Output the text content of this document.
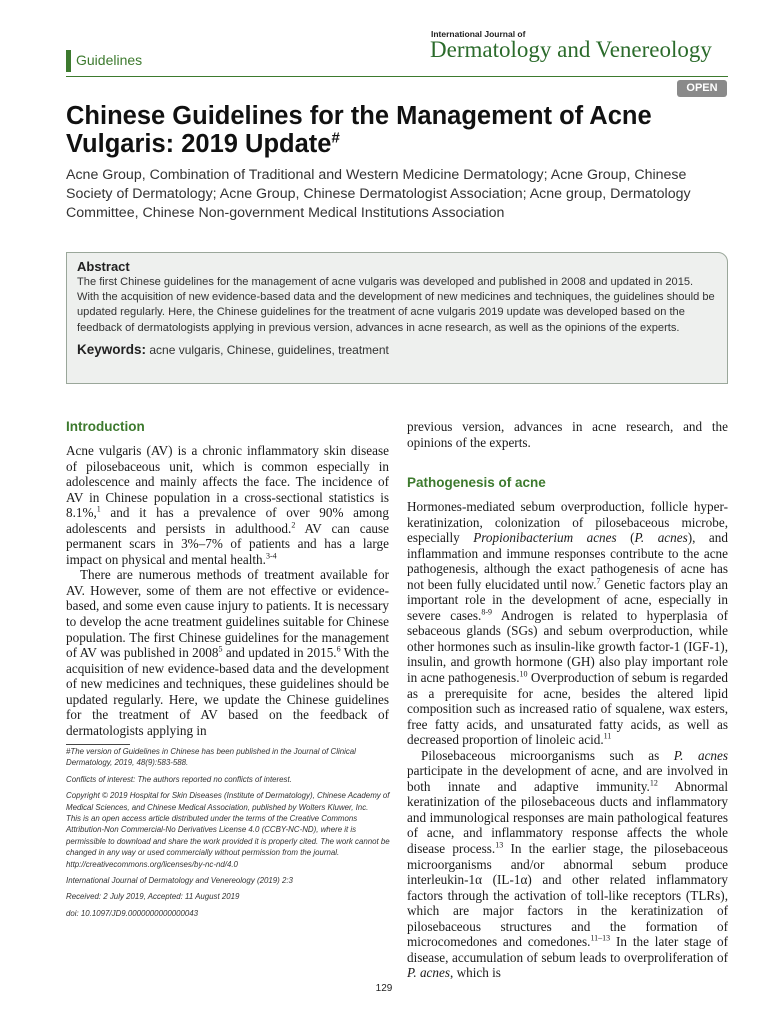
Guidelines
International Journal of
Dermatology and Venereology
OPEN
Chinese Guidelines for the Management of Acne Vulgaris: 2019 Update#
Acne Group, Combination of Traditional and Western Medicine Dermatology; Acne Group, Chinese Society of Dermatology; Acne Group, Chinese Dermatologist Association; Acne group, Dermatology Committee, Chinese Non-government Medical Institutions Association
Abstract
The first Chinese guidelines for the management of acne vulgaris was developed and published in 2008 and updated in 2015. With the acquisition of new evidence-based data and the development of new medicines and techniques, the guidelines should be updated regularly. Here, the Chinese guidelines for the treatment of acne vulgaris 2019 update was developed based on the feedback of dermatologists applying in previous version, advances in acne research, as well as the opinions of the experts.
Keywords: acne vulgaris, Chinese, guidelines, treatment
Introduction

Acne vulgaris (AV) is a chronic inflammatory skin disease of pilosebaceous unit, which is common especially in adolescence and mainly affects the face. The incidence of AV in Chinese population in a cross-sectional statistics is 8.1%,$^1$ and it has a prevalence of over 90% among adolescents and persists in adulthood.$^2$ AV can cause permanent scars in 3%–7% of patients and has a large impact on physical and mental health.$^{3-4}$

There are numerous methods of treatment available for AV. However, some of them are not effective or evidence-based, and some even cause injury to patients. It is necessary to develop the acne treatment guidelines suitable for Chinese population. The first Chinese guidelines for the management of AV was published in 2008$^5$ and updated in 2015.$^6$ With the acquisition of new evidence-based data and the development of new medicines and techniques, these guidelines should be updated regularly. Here, we update the Chinese guidelines for the treatment of AV based on the feedback of dermatologists applying in

#The version of Guidelines in Chinese has been published in the Journal of Clinical Dermatology, 2019, 48(9):583-588.

Conflicts of interest: The authors reported no conflicts of interest.

Copyright © 2019 Hospital for Skin Diseases (Institute of Dermatology), Chinese Academy of Medical Sciences, and Chinese Medical Association, published by Wolters Kluwer, Inc.

This is an open access article distributed under the terms of the Creative Commons Attribution-Non Commercial-No Derivatives License 4.0 (CCBY-NC-ND), where it is permissible to download and share the work provided it is properly cited. The work cannot be changed in any way or used commercially without permission from the journal. http://creativecommons.org/licenses/by-nc-nd/4.0

International Journal of Dermatology and Venereology (2019) 2:3

Received: 2 July 2019, Accepted: 11 August 2019

doi: 10.1097/JD9.0000000000000043

previous version, advances in acne research, and the opinions of the experts.

Pathogenesis of acne

Hormones-mediated sebum overproduction, follicle hyper-keratinization, colonization of pilosebaceous microbe, especially Propionibacterium acnes (P. acnes), and inflammation and immune responses contribute to the acne pathogenesis, although the exact pathogenesis of acne has not been fully elucidated until now.$^7$ Genetic factors play an important role in the development of acne, especially in severe cases.$^{8-9}$ Androgen is related to hyperplasia of sebaceous glands (SGs) and sebum overproduction, while other hormones such as insulin-like growth factor-1 (IGF-1), insulin, and growth hormone (GH) also play important role in acne pathogenesis.$^{10}$ Overproduction of sebum is regarded as a prerequisite for acne, besides the altered lipid composition such as increased ratio of squalene, wax esters, free fatty acids, and unsaturated fatty acids, as well as decreased proportion of linoleic acid.$^{11}$

Pilosebaceous microorganisms such as P. acnes participate in the development of acne, and are involved in both innate and adaptive immunity.$^{12}$ Abnormal keratinization of the pilosebaceous ducts and inflammatory and immunological responses are main pathological features of acne, and inflammatory response affects the whole disease process.$^{13}$ In the earlier stage, the pilosebaceous microorganisms and/or abnormal sebum produce interleukin-1α (IL-1α) and other related inflammatory factors through the activation of toll-like receptors (TLRs), which are major factors in the keratinization of pilosebaceous structures and the formation of microcomedones and comedones.$^{11-13}$ In the later stage of disease, accumulation of sebum leads to overproliferation of P. acnes, which is

129
